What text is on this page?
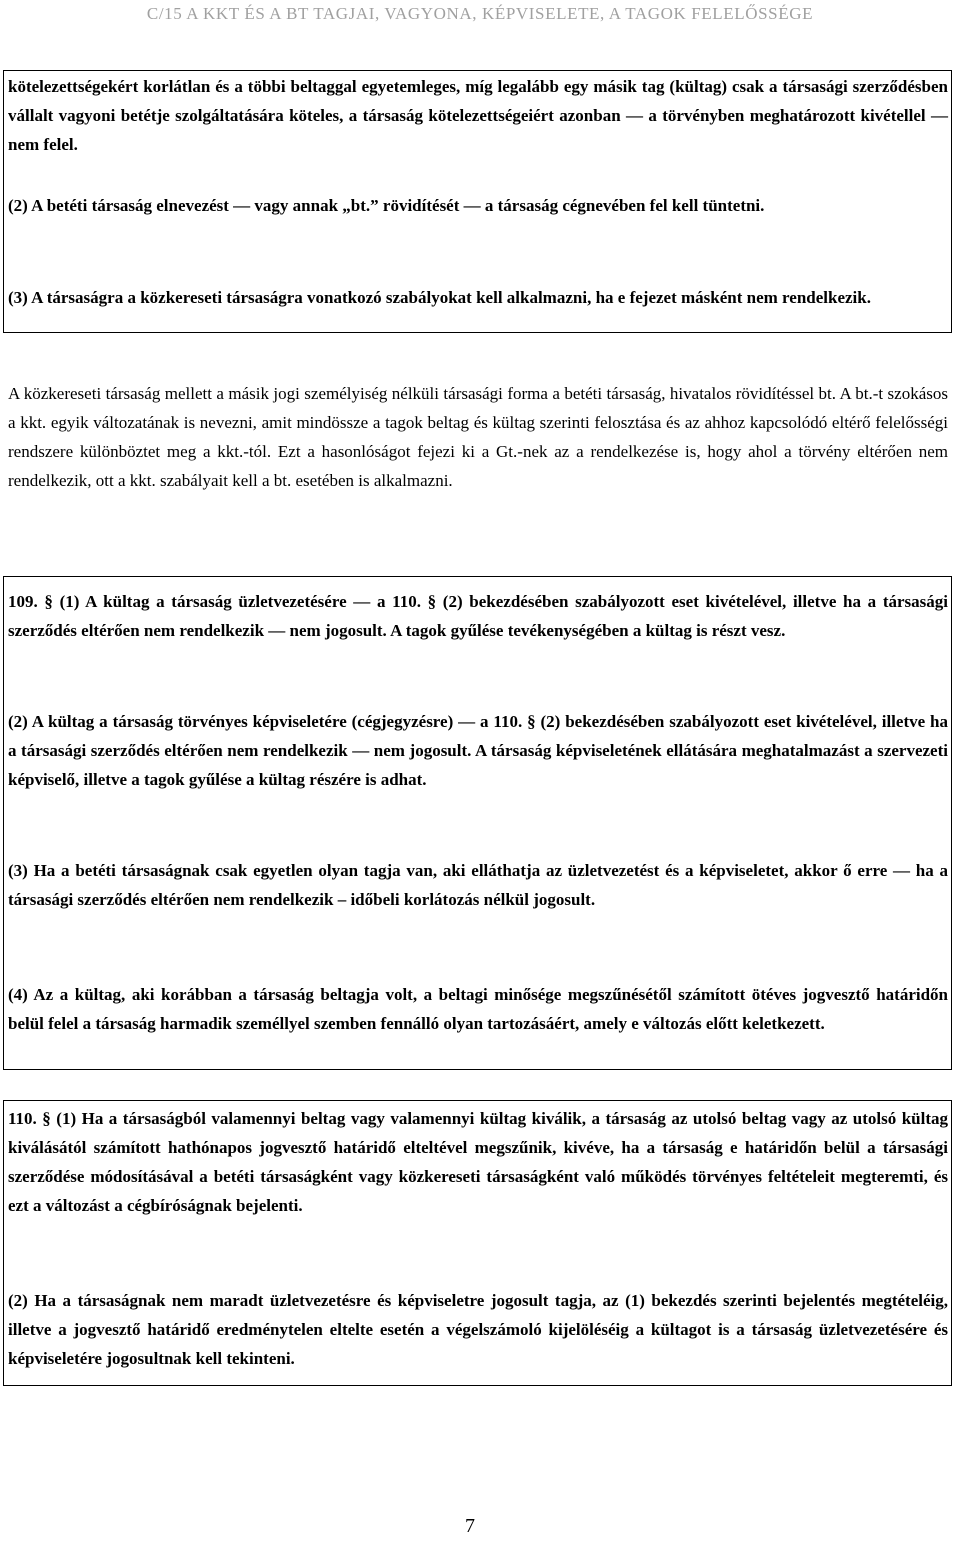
C/15 A KKT ÉS A BT TAGJAI, VAGYONA, KÉPVISELETE, A TAGOK FELELŐSSÉGE
kötelezettségekért korlátlan és a többi beltaggal egyetemleges, míg legalább egy másik tag (kültag) csak a társasági szerződésben vállalt vagyoni betétje szolgáltatására köteles, a társaság kötelezettségeiért azonban — a törvényben meghatározott kivétellel — nem felel.
(2) A betéti társaság elnevezést — vagy annak „bt.” rövidítését — a társaság cégnevében fel kell tüntetni.
(3) A társaságra a közkereseti társaságra vonatkozó szabályokat kell alkalmazni, ha e fejezet másként nem rendelkezik.
A közkereseti társaság mellett a másik jogi személyiség nélküli társasági forma a betéti társaság, hivatalos rövidítéssel bt. A bt.-t szokásos a kkt. egyik változatának is nevezni, amit mindössze a tagok beltag és kültag szerinti felosztása és az ahhoz kapcsolódó eltérő felelősségi rendszere különböztet meg a kkt.-tól. Ezt a hasonlóságot fejezi ki a Gt.-nek az a rendelkezése is, hogy ahol a törvény eltérően nem rendelkezik, ott a kkt. szabályait kell a bt. esetében is alkalmazni.
109. § (1) A kültag a társaság üzletvezetésére — a 110. § (2) bekezdésében szabályozott eset kivételével, illetve ha a társasági szerződés eltérően nem rendelkezik — nem jogosult. A tagok gyűlése tevékenységében a kültag is részt vesz.
(2) A kültag a társaság törvényes képviseletére (cégjegyzésre) — a 110. § (2) bekezdésében szabályozott eset kivételével, illetve ha a társasági szerződés eltérően nem rendelkezik — nem jogosult. A társaság képviseletének ellátására meghatalmazást a szervezeti képviselő, illetve a tagok gyűlése a kültag részére is adhat.
(3) Ha a betéti társaságnak csak egyetlen olyan tagja van, aki elláthatja az üzletvezetést és a képviseletet, akkor ő erre — ha a társasági szerződés eltérően nem rendelkezik – időbeli korlátozás nélkül jogosult.
(4) Az a kültag, aki korábban a társaság beltagja volt, a beltagi minősége megszűnésétől számított ötéves jogvesztő határidőn belül felel a társaság harmadik személlyel szemben fennálló olyan tartozásáért, amely e változás előtt keletkezett.
110. § (1) Ha a társaságból valamennyi beltag vagy valamennyi kültag kiválik, a társaság az utolsó beltag vagy az utolsó kültag kiválásától számított hathónapos jogvesztő határidő elteltével megszűnik, kivéve, ha a társaság e határidőn belül a társasági szerződése módosításával a betéti társaságként vagy közkereseti társaságként való működés törvényes feltételeit megteremti, és ezt a változást a cégbíróságnak bejelenti.
(2) Ha a társaságnak nem maradt üzletvezetésre és képviseletre jogosult tagja, az (1) bekezdés szerinti bejelentés megtételéig, illetve a jogvesztő határidő eredménytelen eltelte esetén a végelszámoló kijelöléséig a kültagot is a társaság üzletvezetésére és képviseletére jogosultnak kell tekinteni.
7
